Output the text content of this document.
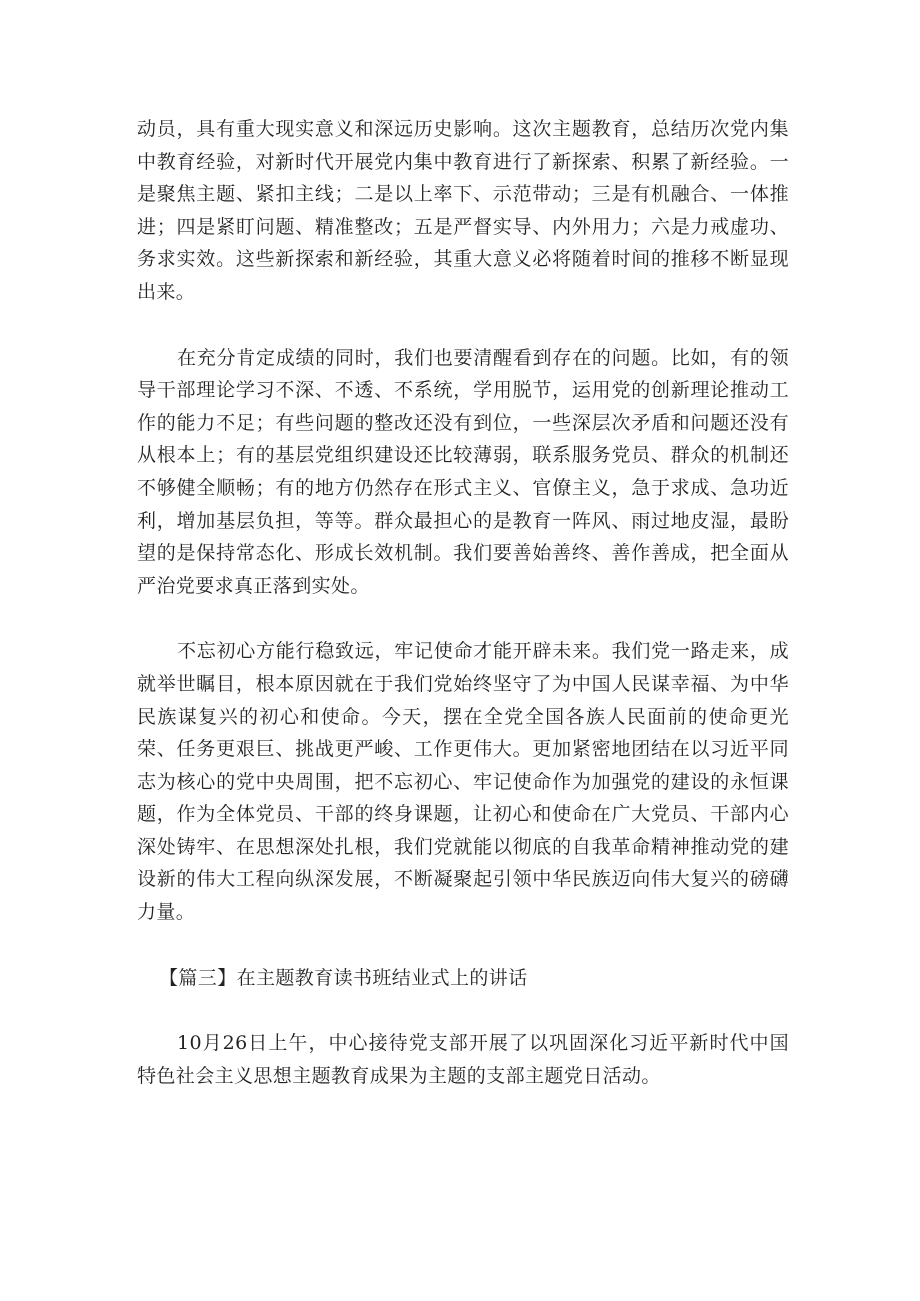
动员，具有重大现实意义和深远历史影响。这次主题教育，总结历次党内集中教育经验，对新时代开展党内集中教育进行了新探索、积累了新经验。一是聚焦主题、紧扣主线；二是以上率下、示范带动；三是有机融合、一体推进；四是紧盯问题、精准整改；五是严督实导、内外用力；六是力戒虚功、务求实效。这些新探索和新经验，其重大意义必将随着时间的推移不断显现出来。

在充分肯定成绩的同时，我们也要清醒看到存在的问题。比如，有的领导干部理论学习不深、不透、不系统，学用脱节，运用党的创新理论推动工作的能力不足；有些问题的整改还没有到位，一些深层次矛盾和问题还没有从根本上；有的基层党组织建设还比较薄弱，联系服务党员、群众的机制还不够健全顺畅；有的地方仍然存在形式主义、官僚主义，急于求成、急功近利，增加基层负担，等等。群众最担心的是教育一阵风、雨过地皮湿，最盼望的是保持常态化、形成长效机制。我们要善始善终、善作善成，把全面从严治党要求真正落到实处。

不忘初心方能行稳致远，牢记使命才能开辟未来。我们党一路走来，成就举世瞩目，根本原因就在于我们党始终坚守了为中国人民谋幸福、为中华民族谋复兴的初心和使命。今天，摆在全党全国各族人民面前的使命更光荣、任务更艰巨、挑战更严峻、工作更伟大。更加紧密地团结在以习近平同志为核心的党中央周围，把不忘初心、牢记使命作为加强党的建设的永恒课题，作为全体党员、干部的终身课题，让初心和使命在广大党员、干部内心深处铸牢、在思想深处扎根，我们党就能以彻底的自我革命精神推动党的建设新的伟大工程向纵深发展，不断凝聚起引领中华民族迈向伟大复兴的磅礴力量。

【篇三】在主题教育读书班结业式上的讲话

10月26日上午，中心接待党支部开展了以巩固深化习近平新时代中国特色社会主义思想主题教育成果为主题的支部主题党日活动。
